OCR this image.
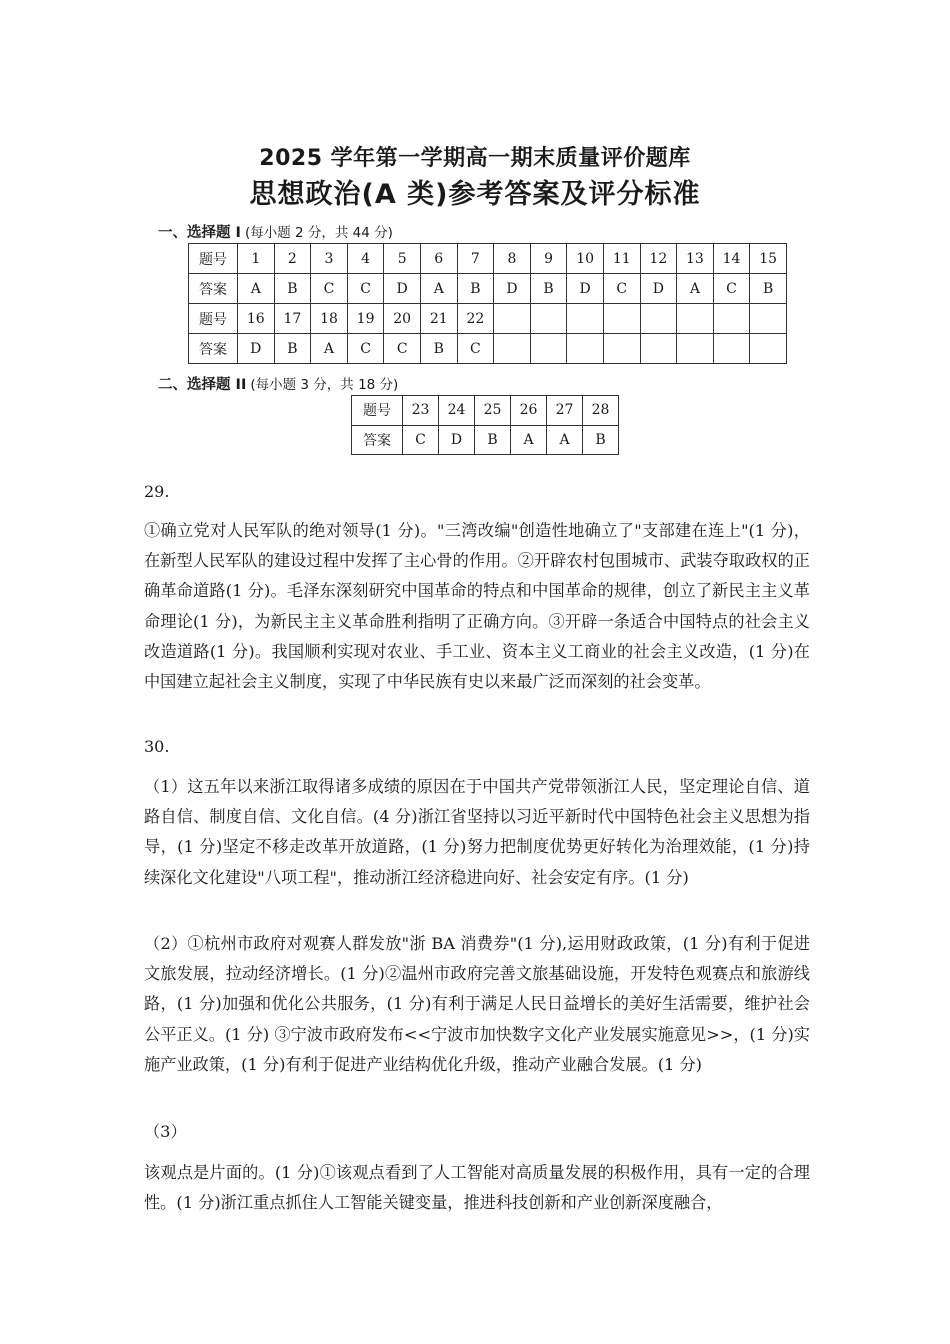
2025 学年第一学期高一期末质量评价题库
思想政治(A 类)参考答案及评分标准
一、选择题 I (每小题 2 分，共 44 分)
题号	1	2	3	4	5	6	7	8	9	10	11	12	13	14	15
答案	A	B	C	C	D	A	B	D	B	D	C	D	A	C	B
题号	16	17	18	19	20	21	22								
答案	D	B	A	C	C	B	C								
二、选择题 II (每小题 3 分，共 18 分)
题号	23	24	25	26	27	28
答案	C	D	B	A	A	B
29.
①确立党对人民军队的绝对领导(1 分)。"三湾改编"创造性地确立了"支部建在连上"(1 分)，在新型人民军队的建设过程中发挥了主心骨的作用。②开辟农村包围城市、武装夺取政权的正确革命道路(1 分)。毛泽东深刻研究中国革命的特点和中国革命的规律，创立了新民主主义革命理论(1 分)，为新民主主义革命胜利指明了正确方向。③开辟一条适合中国特点的社会主义改造道路(1 分)。我国顺利实现对农业、手工业、资本主义工商业的社会主义改造，(1 分)在中国建立起社会主义制度，实现了中华民族有史以来最广泛而深刻的社会变革。
30.
（1）这五年以来浙江取得诸多成绩的原因在于中国共产党带领浙江人民，坚定理论自信、道路自信、制度自信、文化自信。(4 分)浙江省坚持以习近平新时代中国特色社会主义思想为指导，(1 分)坚定不移走改革开放道路，(1 分)努力把制度优势更好转化为治理效能，(1 分)持续深化文化建设"八项工程"，推动浙江经济稳进向好、社会安定有序。(1 分)
（2）①杭州市政府对观赛人群发放"浙 BA 消费券"(1 分),运用财政政策，(1 分)有利于促进文旅发展，拉动经济增长。(1 分)②温州市政府完善文旅基础设施，开发特色观赛点和旅游线路，(1 分)加强和优化公共服务，(1 分)有利于满足人民日益增长的美好生活需要，维护社会公平正义。(1 分) ③宁波市政府发布<<宁波市加快数字文化产业发展实施意见>>，(1 分)实施产业政策，(1 分)有利于促进产业结构优化升级，推动产业融合发展。(1 分)
（3）
该观点是片面的。(1 分)①该观点看到了人工智能对高质量发展的积极作用，具有一定的合理性。(1 分)浙江重点抓住人工智能关键变量，推进科技创新和产业创新深度融合，
